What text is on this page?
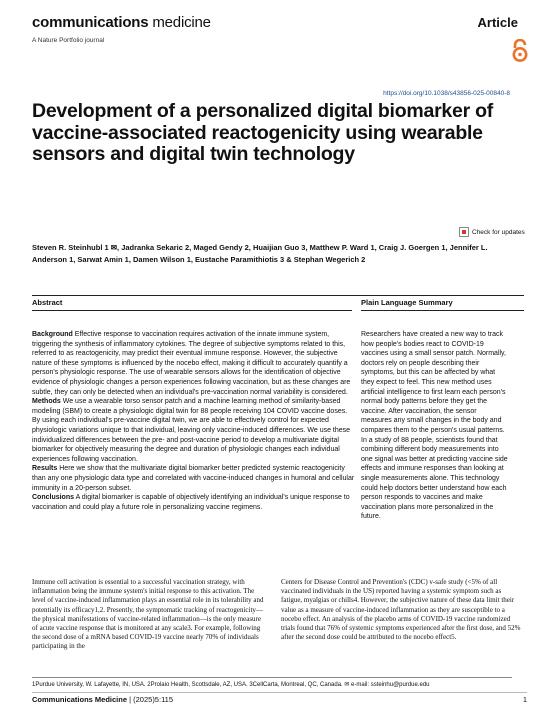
communications medicine	Article
A Nature Portfolio journal
https://doi.org/10.1038/s43856-025-00840-8
Development of a personalized digital biomarker of vaccine-associated reactogenicity using wearable sensors and digital twin technology
Check for updates
Steven R. Steinhubl 1 ✉, Jadranka Sekaric 2, Maged Gendy 2, Huaijian Guo 3, Matthew P. Ward 1, Craig J. Goergen 1, Jennifer L. Anderson 1, Sarwat Amin 1, Damen Wilson 1, Eustache Paramithiotis 3 & Stephan Wegerich 2
Abstract	Plain Language Summary

Background Effective response to vaccination requires activation of the innate immune system, triggering the synthesis of inflammatory cytokines. The degree of subjective symptoms related to this, referred to as reactogenicity, may predict their eventual immune response. However, the subjective nature of these symptoms is influenced by the nocebo effect, making it difficult to accurately quantify a person's physiologic response. The use of wearable sensors allows for the identification of objective evidence of physiologic changes a person experiences following vaccination, but as these changes are subtle, they can only be detected when an individual's pre-vaccination normal variability is considered.

Methods We use a wearable torso sensor patch and a machine learning method of similarity-based modeling (SBM) to create a physiologic digital twin for 88 people receiving 104 COVID vaccine doses. By using each individual's pre-vaccine digital twin, we are able to effectively control for expected physiologic variations unique to that individual, leaving only vaccine-induced differences. We use these individualized differences between the pre- and post-vaccine period to develop a multivariate digital biomarker for objectively measuring the degree and duration of physiologic changes each individual experiences following vaccination.

Results Here we show that the multivariate digital biomarker better predicted systemic reactogenicity than any one physiologic data type and correlated with vaccine-induced changes in humoral and cellular immunity in a 20-person subset.

Conclusions A digital biomarker is capable of objectively identifying an individual's unique response to vaccination and could play a future role in personalizing vaccine regimens.

Researchers have created a new way to track how people's bodies react to COVID-19 vaccines using a small sensor patch. Normally, doctors rely on people describing their symptoms, but this can be affected by what they expect to feel. This new method uses artificial intelligence to first learn each person's normal body patterns before they get the vaccine. After vaccination, the sensor measures any small changes in the body and compares them to the person's usual patterns. In a study of 88 people, scientists found that combining different body measurements into one signal was better at predicting vaccine side effects and immune responses than looking at single measurements alone. This technology could help doctors better understand how each person responds to vaccines and make vaccination plans more personalized in the future.
Immune cell activation is essential to a successful vaccination strategy, with inflammation being the immune system's initial response to this activation. The level of vaccine-induced inflammation plays an essential role in its tolerability and potentially its efficacy1,2. Presently, the symptomatic tracking of reactogenicity—the physical manifestations of vaccine-related inflammation—is the only measure of acute vaccine response that is monitored at any scale3. For example, following the second dose of a mRNA based COVID-19 vaccine nearly 70% of individuals participating in the
Centers for Disease Control and Prevention's (CDC) v-safe study (<5% of all vaccinated individuals in the US) reported having a systemic symptom such as fatigue, myalgias or chills4. However, the subjective nature of these data limit their value as a measure of vaccine-induced inflammation as they are susceptible to a nocebo effect. An analysis of the placebo arms of COVID-19 vaccine randomized trials found that 76% of systemic symptoms experienced after the first dose, and 52% after the second dose could be attributed to the nocebo effect5.
1Purdue University, W. Lafayette, IN, USA. 2Prolaio Health, Scottsdale, AZ, USA. 3CellCarta, Montreal, QC, Canada. ✉ e-mail: ssteinhu@purdue.edu
Communications Medicine | (2025)5:115	1
